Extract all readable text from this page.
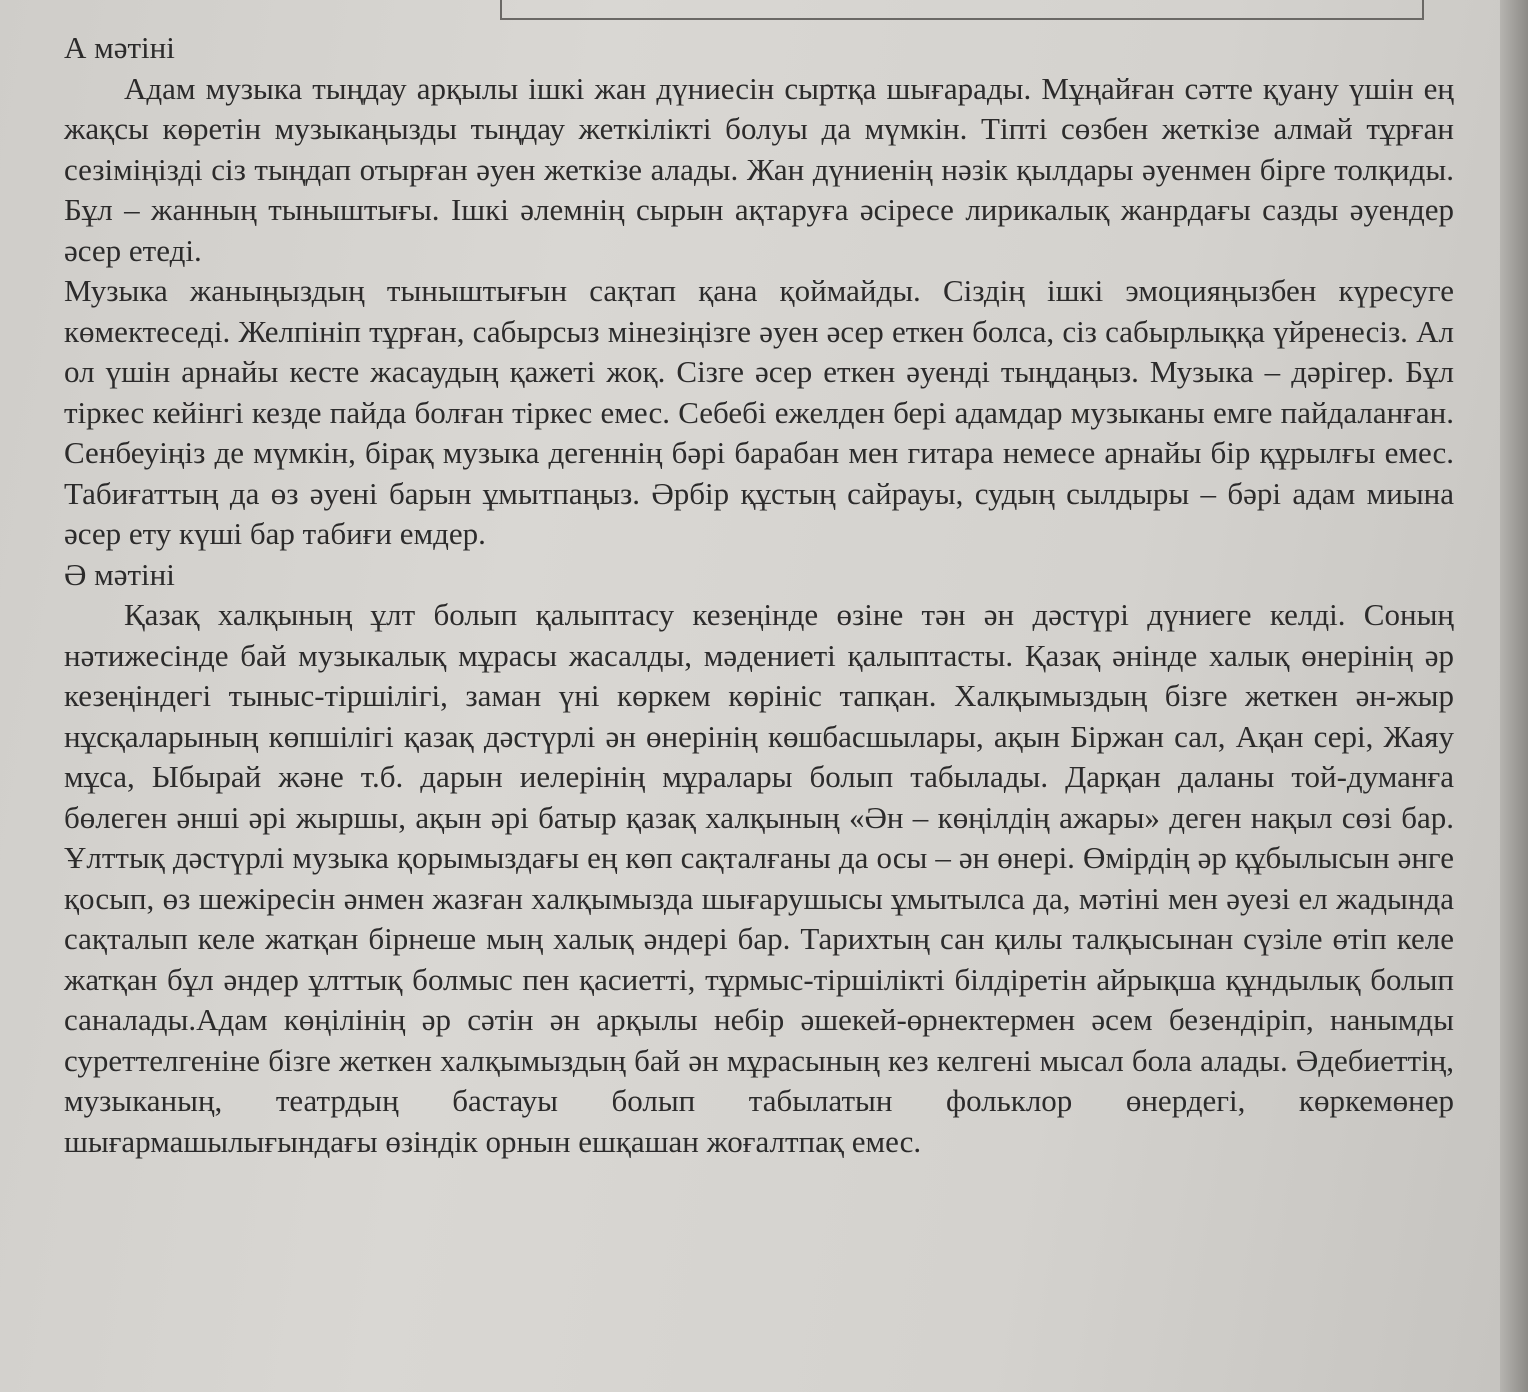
А мәтіні

Адам музыка тыңдау арқылы ішкі жан дүниесін сыртқа шығарады. Мұңайған сәтте қуану үшін ең жақсы көретін музыкаңызды тыңдау жеткілікті болуы да мүмкін. Тіпті сөзбен жеткізе алмай тұрған сезіміңізді сіз тыңдап отырған әуен жеткізе алады. Жан дүниенің нәзік қылдары әуенмен бірге толқиды. Бұл – жанның тыныштығы. Ішкі әлемнің сырын ақтаруға әсіресе лирикалық жанрдағы сазды әуендер әсер етеді.

Музыка жаныңыздың тыныштығын сақтап қана қоймайды. Сіздің ішкі эмоцияңызбен күресуге көмектеседі. Желпініп тұрған, сабырсыз мінезіңізге әуен әсер еткен болса, сіз сабырлыққа үйренесіз. Ал ол үшін арнайы кесте жасаудың қажеті жоқ. Сізге әсер еткен әуенді тыңдаңыз. Музыка – дәрігер. Бұл тіркес кейінгі кезде пайда болған тіркес емес. Себебі ежелден бері адамдар музыканы емге пайдаланған. Сенбеуіңіз де мүмкін, бірақ музыка дегеннің бәрі барабан мен гитара немесе арнайы бір құрылғы емес. Табиғаттың да өз әуені барын ұмытпаңыз. Әрбір құстың сайрауы, судың сылдыры – бәрі адам миына әсер ету күші бар табиғи емдер.

Ә мәтіні

Қазақ халқының ұлт болып қалыптасу кезеңінде өзіне тән ән дәстүрі дүниеге келді. Соның нәтижесінде бай музыкалық мұрасы жасалды, мәдениеті қалыптасты. Қазақ әнінде халық өнерінің әр кезеңіндегі тыныс-тіршілігі, заман үні көркем көрініс тапқан. Халқымыздың бізге жеткен ән-жыр нұсқаларының көпшілігі қазақ дәстүрлі ән өнерінің көшбасшылары, ақын Біржан сал, Ақан сері, Жаяу мұса, Ыбырай және т.б. дарын иелерінің мұралары болып табылады. Дарқан даланы той-думанға бөлеген әнші әрі жыршы, ақын әрі батыр қазақ халқының «Ән – көңілдің ажары» деген нақыл сөзі бар. Ұлттық дәстүрлі музыка қорымыздағы ең көп сақталғаны да осы – ән өнері. Өмірдің әр құбылысын әнге қосып, өз шежіресін әнмен жазған халқымызда шығарушысы ұмытылса да, мәтіні мен әуезі ел жадында сақталып келе жатқан бірнеше мың халық әндері бар. Тарихтың сан қилы талқысынан сүзіле өтіп келе жатқан бұл әндер ұлттық болмыс пен қасиетті, тұрмыс-тіршілікті білдіретін айрықша құндылық болып саналады.Адам көңілінің әр сәтін ән арқылы небір әшекей-өрнектермен әсем безендіріп, нанымды суреттелгеніне бізге жеткен халқымыздың бай ән мұрасының кез келгені мысал бола алады. Әдебиеттің, музыканың, театрдың бастауы болып табылатын фольклор өнердегі, көркемөнер шығармашылығындағы өзіндік орнын ешқашан жоғалтпақ емес.
